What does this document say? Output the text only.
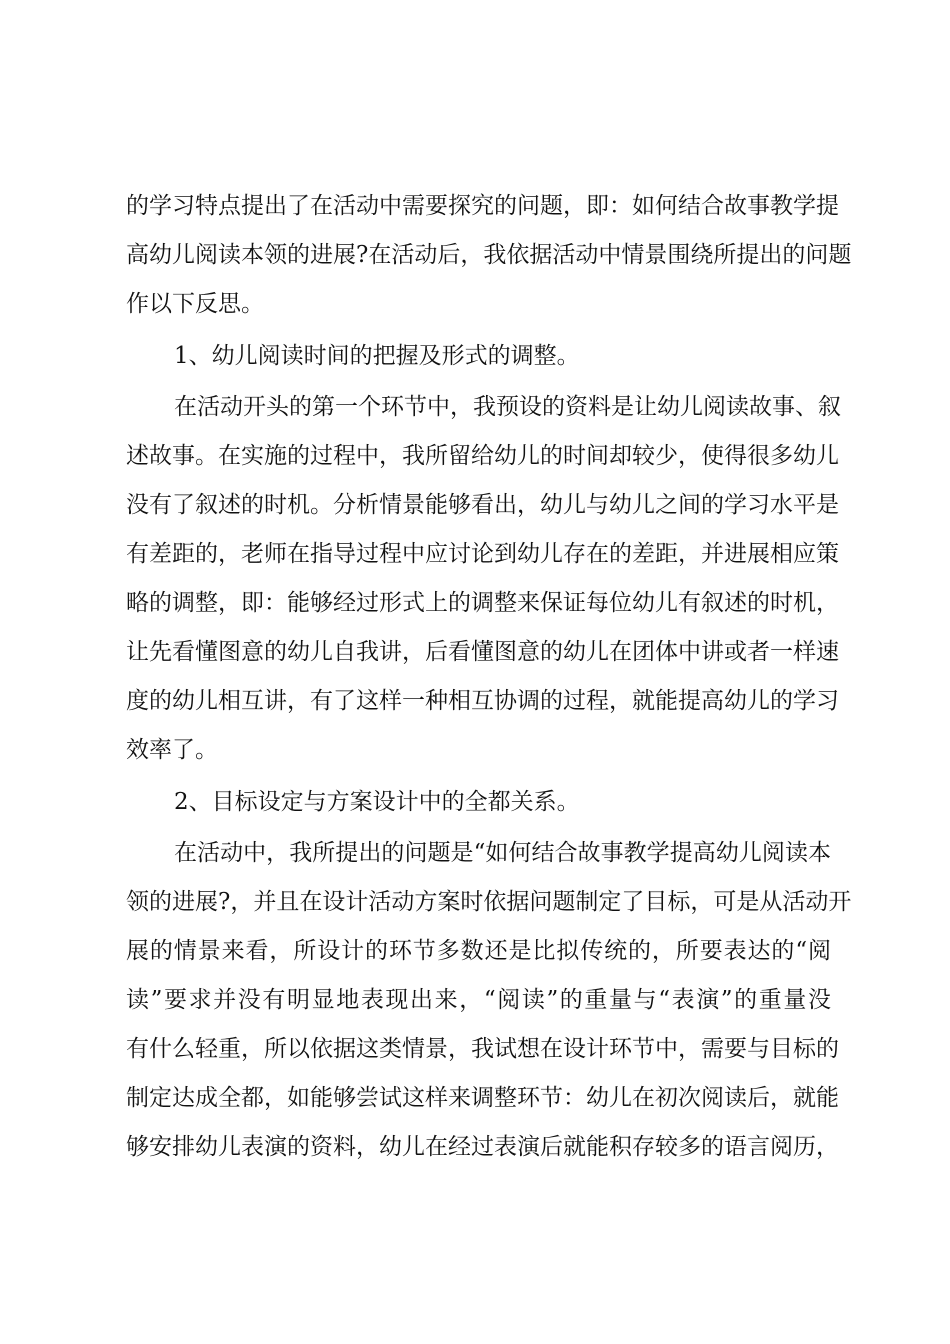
的学习特点提出了在活动中需要探究的问题，即：如何结合故事教学提
高幼儿阅读本领的进展?在活动后，我依据活动中情景围绕所提出的问题
作以下反思。
1、幼儿阅读时间的把握及形式的调整。
在活动开头的第一个环节中，我预设的资料是让幼儿阅读故事、叙
述故事。在实施的过程中，我所留给幼儿的时间却较少，使得很多幼儿
没有了叙述的时机。分析情景能够看出，幼儿与幼儿之间的学习水平是
有差距的，老师在指导过程中应讨论到幼儿存在的差距，并进展相应策
略的调整，即：能够经过形式上的调整来保证每位幼儿有叙述的时机，
让先看懂图意的幼儿自我讲，后看懂图意的幼儿在团体中讲或者一样速
度的幼儿相互讲，有了这样一种相互协调的过程，就能提高幼儿的学习
效率了。
2、目标设定与方案设计中的全都关系。
在活动中，我所提出的问题是“如何结合故事教学提高幼儿阅读本
领的进展?，并且在设计活动方案时依据问题制定了目标，可是从活动开
展的情景来看，所设计的环节多数还是比拟传统的，所要表达的“阅
读”要求并没有明显地表现出来，“阅读”的重量与“表演”的重量没
有什么轻重，所以依据这类情景，我试想在设计环节中，需要与目标的
制定达成全都，如能够尝试这样来调整环节：幼儿在初次阅读后，就能
够安排幼儿表演的资料，幼儿在经过表演后就能积存较多的语言阅历，
